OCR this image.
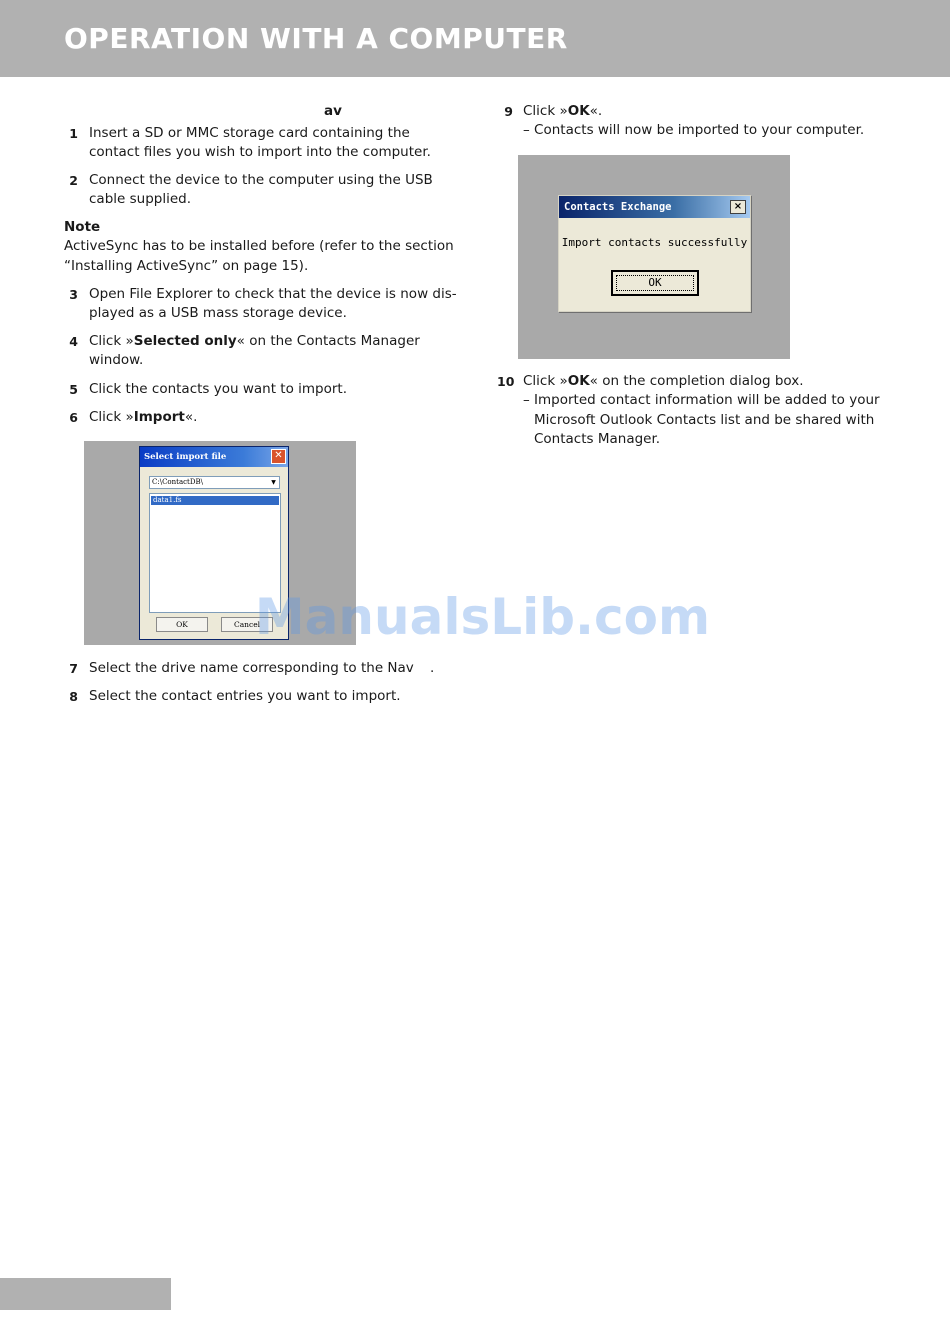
OPERATION WITH A COMPUTER
av
1 Insert a SD or MMC storage card containing the
contact files you wish to import into the computer.
2 Connect the device to the computer using the USB
cable supplied.
Note
ActiveSync has to be installed before (refer to the section
“Installing ActiveSync” on page 15).
3 Open File Explorer to check that the device is now dis-
played as a USB mass storage device.
4 Click »Selected only« on the Contacts Manager
window.
5 Click the contacts you want to import.
6 Click »Import«.
Select import file	✕
C:\ContactDB\	▼
data1.fs
OK	Cancel
7 Select the drive name corresponding to the Nav .
8 Select the contact entries you want to import.
9 Click »OK«.
– Contacts will now be imported to your computer.
Contacts Exchange	×
Import contacts successfully
OK
10 Click »OK« on the completion dialog box.
– Imported contact information will be added to your
Microsoft Outlook Contacts list and be shared with
Contacts Manager.
ManualsLib.com
